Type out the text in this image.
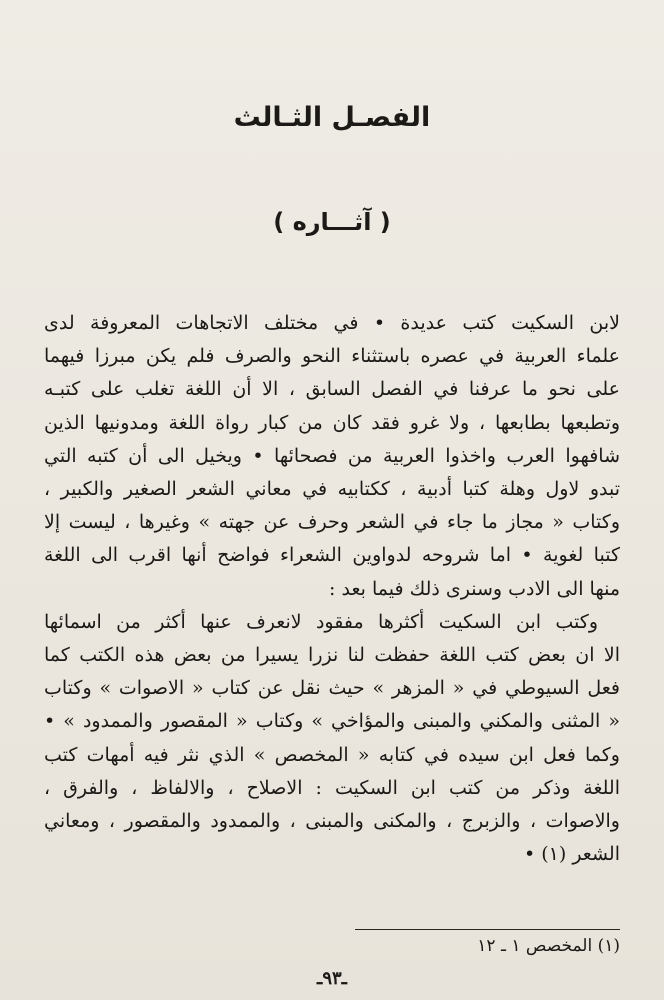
الفصـل الثـالث
( آثـــاره )
لابن السكيت كتب عديدة • في مختلف الاتجاهات المعروفة لدى
علماء العربية في عصره باستثناء النحو والصرف فلم يكن مبرزا فيهما
على نحو ما عرفنا في الفصل السابق ، الا أن اللغة تغلب على كتبـه
وتطبعها بطابعها ، ولا غرو فقد كان من كبار رواة اللغة ومدونيها الذين
شافهوا العرب واخذوا العربية من فصحائها • ويخيل الى أن كتبه التي
تبدو لاول وهلة كتبا أدبية ، ككتابيه في معاني الشعر الصغير والكبير ،
وكتاب « مجاز ما جاء في الشعر وحرف عن جهته » وغيرها ، ليست إلا
كتبا لغوية • اما شروحه لدواوين الشعراء فواضح أنها اقرب الى اللغة
منها الى الادب وسنرى ذلك فيما بعد :
وكتب ابن السكيت أكثرها مفقود لانعرف عنها أكثر من اسمائها
الا ان بعض كتب اللغة حفظت لنا نزرا يسيرا من بعض هذه الكتب كما
فعل السيوطي في « المزهر » حيث نقل عن كتاب « الاصوات » وكتاب
« المثنى والمكني والمبنى والمؤاخي » وكتاب « المقصور والممدود » •
وكما فعل ابن سيده في كتابه « المخصص » الذي نثر فيه أمهات كتب
اللغة وذكر من كتب ابن السكيت : الاصلاح ، والالفاظ ، والفرق ،
والاصوات ، والزبرج ، والمكنى والمبنى ، والممدود والمقصور ، ومعاني
الشعر (١) •
(١) المخصص ١ ـ ١٢
ـ٩٣ـ
